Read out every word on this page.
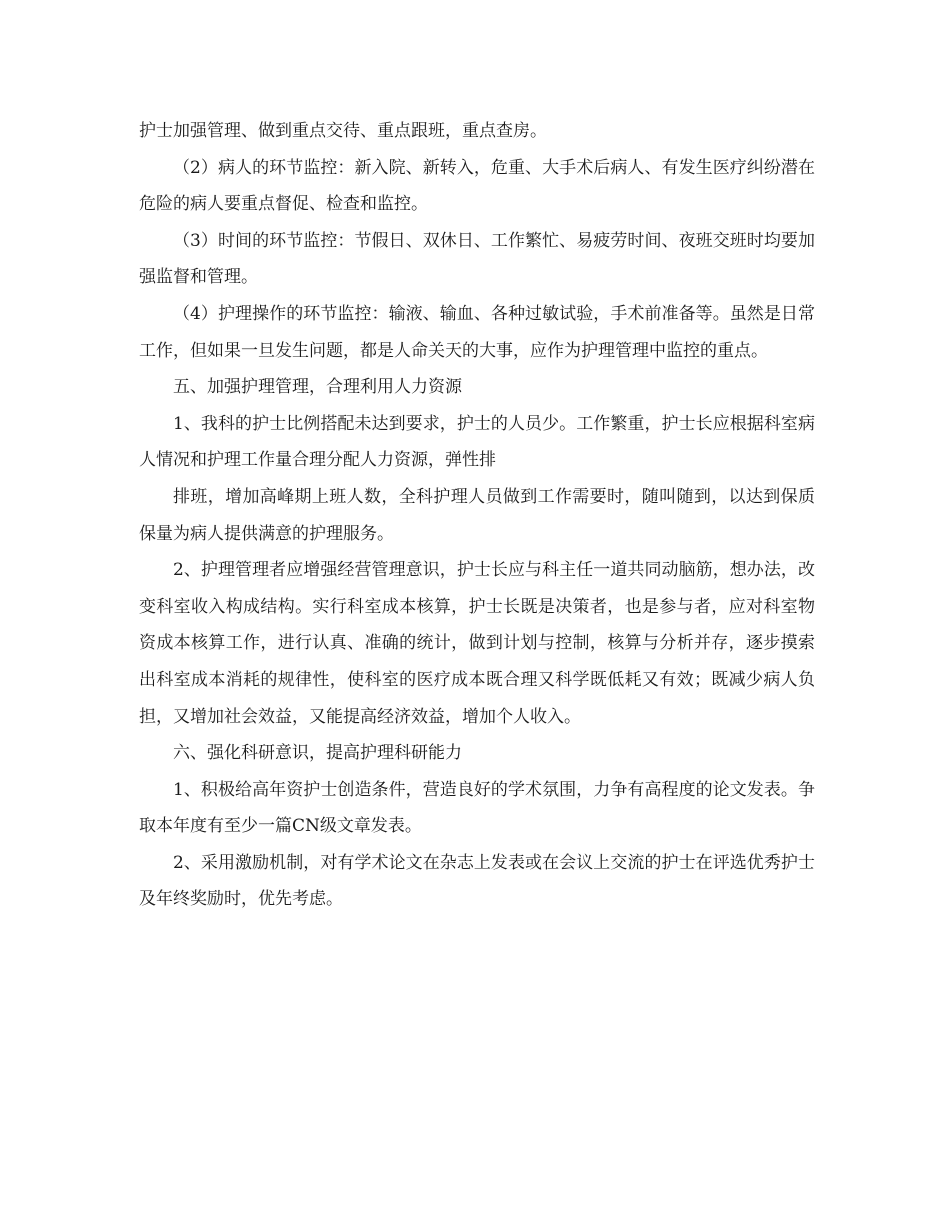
护士加强管理、做到重点交待、重点跟班，重点查房。

（2）病人的环节监控：新入院、新转入，危重、大手术后病人、有发生医疗纠纷潜在危险的病人要重点督促、检查和监控。

（3）时间的环节监控：节假日、双休日、工作繁忙、易疲劳时间、夜班交班时均要加强监督和管理。

（4）护理操作的环节监控：输液、输血、各种过敏试验，手术前准备等。虽然是日常工作，但如果一旦发生问题，都是人命关天的大事，应作为护理管理中监控的重点。

五、加强护理管理，合理利用人力资源

1、我科的护士比例搭配未达到要求，护士的人员少。工作繁重，护士长应根据科室病人情况和护理工作量合理分配人力资源，弹性排

排班，增加高峰期上班人数，全科护理人员做到工作需要时，随叫随到，以达到保质保量为病人提供满意的护理服务。

2、护理管理者应增强经营管理意识，护士长应与科主任一道共同动脑筋，想办法，改变科室收入构成结构。实行科室成本核算，护士长既是决策者，也是参与者，应对科室物资成本核算工作，进行认真、准确的统计，做到计划与控制，核算与分析并存，逐步摸索出科室成本消耗的规律性，使科室的医疗成本既合理又科学既低耗又有效；既减少病人负担，又增加社会效益，又能提高经济效益，增加个人收入。

六、强化科研意识，提高护理科研能力

1、积极给高年资护士创造条件，营造良好的学术氛围，力争有高程度的论文发表。争取本年度有至少一篇CN级文章发表。

2、采用激励机制，对有学术论文在杂志上发表或在会议上交流的护士在评选优秀护士及年终奖励时，优先考虑。
